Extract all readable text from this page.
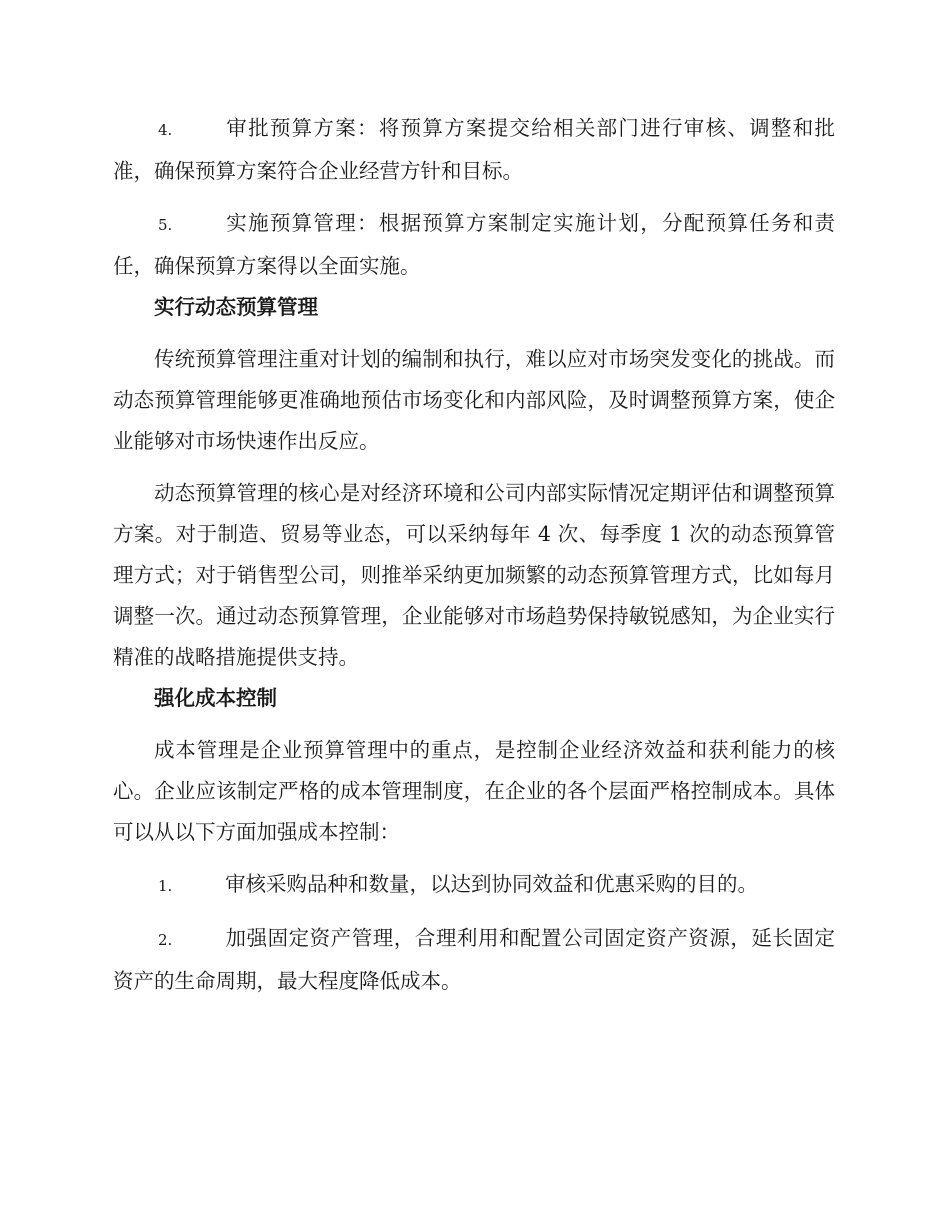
4.	审批预算方案：将预算方案提交给相关部门进行审核、调整和批准，确保预算方案符合企业经营方针和目标。

5.	实施预算管理：根据预算方案制定实施计划，分配预算任务和责任，确保预算方案得以全面实施。

实行动态预算管理

传统预算管理注重对计划的编制和执行，难以应对市场突发变化的挑战。而动态预算管理能够更准确地预估市场变化和内部风险，及时调整预算方案，使企业能够对市场快速作出反应。

动态预算管理的核心是对经济环境和公司内部实际情况定期评估和调整预算方案。对于制造、贸易等业态，可以采纳每年 4 次、每季度 1 次的动态预算管理方式；对于销售型公司，则推举采纳更加频繁的动态预算管理方式，比如每月调整一次。通过动态预算管理，企业能够对市场趋势保持敏锐感知，为企业实行精准的战略措施提供支持。

强化成本控制

成本管理是企业预算管理中的重点，是控制企业经济效益和获利能力的核心。企业应该制定严格的成本管理制度，在企业的各个层面严格控制成本。具体可以从以下方面加强成本控制：

1.	审核采购品种和数量，以达到协同效益和优惠采购的目的。

2.	加强固定资产管理，合理利用和配置公司固定资产资源，延长固定资产的生命周期，最大程度降低成本。
